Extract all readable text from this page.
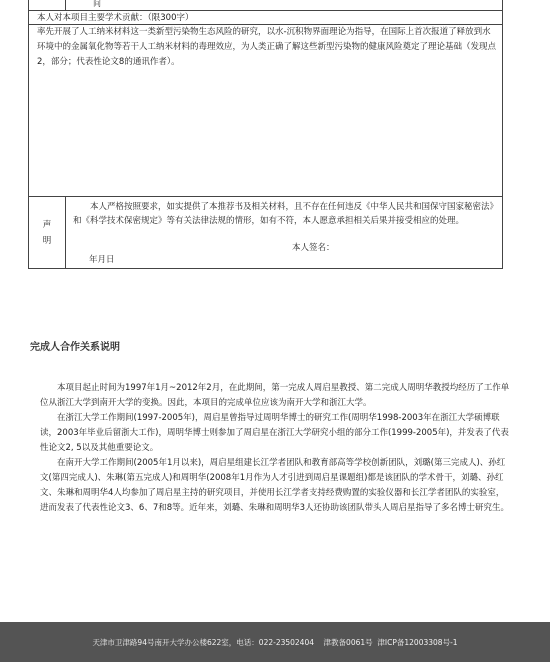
间
本人对本项目主要学术贡献：（限300字）

率先开展了人工纳米材料这一类新型污染物生态风险的研究，以水-沉积物界面理论为指导，在国际上首次报道了释放到水环境中的金属氧化物等若干人工纳米材料的毒理效应，为人类正确了解这些新型污染物的健康风险奠定了理论基础（发现点2，部分；代表性论文8的通讯作者）。

声
明

本人严格按照要求，如实提供了本推荐书及相关材料，且不存在任何违反《中华人民共和国保守国家秘密法》和《科学技术保密规定》等有关法律法规的情形，如有不符，本人愿意承担相关后果并接受相应的处理。

本人签名：
年月日
完成人合作关系说明

本项目起止时间为1997年1月~2012年2月，在此期间，第一完成人周启星教授、第二完成人周明华教授均经历了工作单位从浙江大学到南开大学的变换。因此，本项目的完成单位应该为南开大学和浙江大学。

在浙江大学工作期间(1997-2005年)，周启星曾指导过周明华博士的研究工作(周明华1998-2003年在浙江大学硕博联读，2003年毕业后留浙大工作)，周明华博士则参加了周启星在浙江大学研究小组的部分工作(1999-2005年)，并发表了代表性论文2, 5以及其他重要论文。

在南开大学工作期间(2005年1月以来)，周启星组建长江学者团队和教育部高等学校创新团队，刘璐(第三完成人)、孙红文(第四完成人)、朱琳(第五完成人)和周明华(2008年1月作为人才引进到周启星课题组)都是该团队的学术骨干，刘璐、孙红文、朱琳和周明华4人均参加了周启星主持的研究项目，并使用长江学者支持经费购置的实验仪器和长江学者团队的实验室，进而发表了代表性论文3、6、7和8等。近年来，刘璐、朱琳和周明华3人还协助该团队带头人周启星指导了多名博士研究生。

天津市卫津路94号南开大学办公楼622室 ， 电话：022-23502404
津教备0061号
津ICP备12003308号-1
